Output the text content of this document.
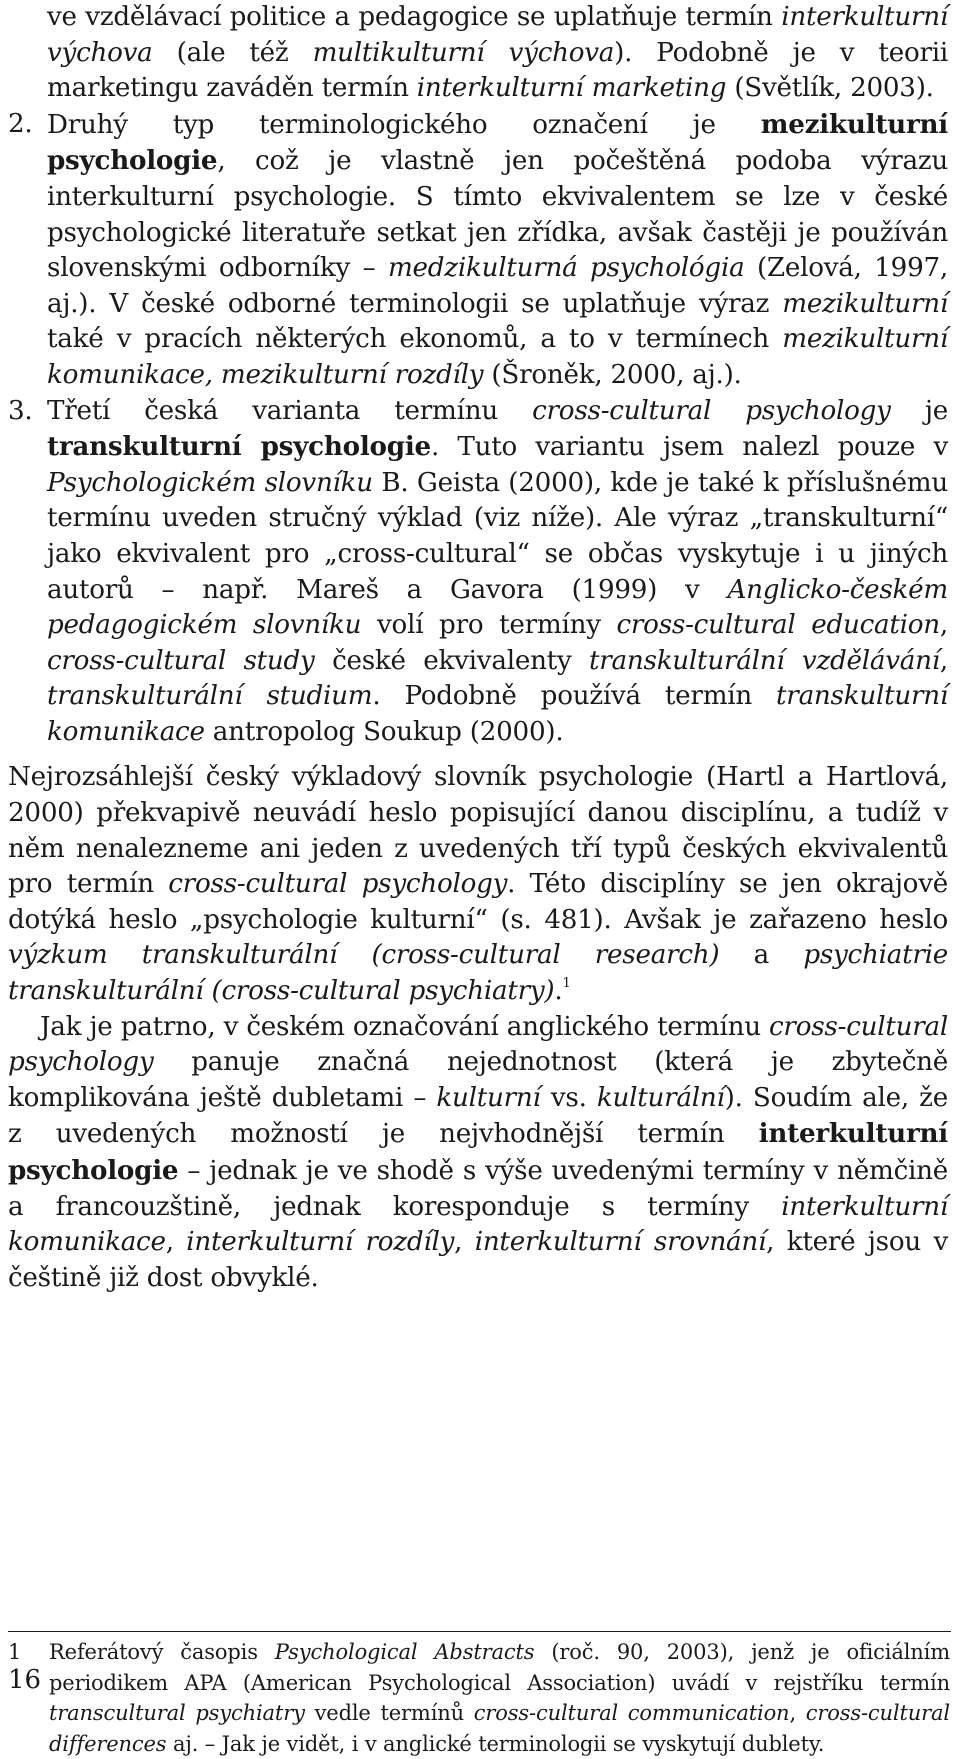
ve vzdělávací politice a pedagogice se uplatňuje termín interkulturní výchova (ale též multikulturní výchova). Podobně je v teorii marketingu zaváděn termín interkulturní marketing (Světlík, 2003).
2. Druhý typ terminologického označení je mezikulturní psychologie, což je vlastně jen počeštěná podoba výrazu interkulturní psychologie. S tímto ekvivalentem se lze v české psychologické literatuře setkat jen zřídka, avšak častěji je používán slovenskými odborníky – medzikulturná psychológia (Zelová, 1997, aj.). V české odborné terminologii se uplatňuje výraz mezikulturní také v pracích některých ekonomů, a to v termínech mezikulturní komunikace, mezikulturní rozdíly (Šroněk, 2000, aj.).
3. Třetí česká varianta termínu cross-cultural psychology je transkulturní psychologie. Tuto variantu jsem nalezl pouze v Psychologickém slovníku B. Geista (2000), kde je také k příslušnému termínu uveden stručný výklad (viz níže). Ale výraz „transkulturní“ jako ekvivalent pro „cross-cultural“ se občas vyskytuje i u jiných autorů – např. Mareš a Gavora (1999) v Anglicko-českém pedagogickém slovníku volí pro termíny cross-cultural education, cross-cultural study české ekvivalenty transkulturální vzdělávání, transkulturální studium. Podobně používá termín transkulturní komunikace antropolog Soukup (2000).

Nejrozsáhlejší český výkladový slovník psychologie (Hartl a Hartlová, 2000) překvapivě neuvádí heslo popisující danou disciplínu, a tudíž v něm nenalezneme ani jeden z uvedených tří typů českých ekvivalentů pro termín cross-cultural psychology. Této disciplíny se jen okrajově dotýká heslo „psychologie kulturní“ (s. 481). Avšak je zařazeno heslo výzkum transkulturální (cross-cultural research) a psychiatrie transkulturální (cross-cultural psychiatry).$^1$

Jak je patrno, v českém označování anglického termínu cross-cultural psychology panuje značná nejednotnost (která je zbytečně komplikována ještě dubletami – kulturní vs. kulturální). Soudím ale, že z uvedených možností je nejvhodnější termín interkulturní psychologie – jednak je ve shodě s výše uvedenými termíny v němčině a francouzštině, jednak koresponduje s termíny interkulturní komunikace, interkulturní rozdíly, interkulturní srovnání, které jsou v češtině již dost obvyklé.

1	Referátový časopis Psychological Abstracts (roč. 90, 2003), jenž je oficiálním periodikem APA (American Psychological Association) uvádí v rejstříku termín transcultural psychiatry vedle termínů cross-cultural communication, cross-cultural differences aj. – Jak je vidět, i v anglické terminologii se vyskytují dublety.
16
